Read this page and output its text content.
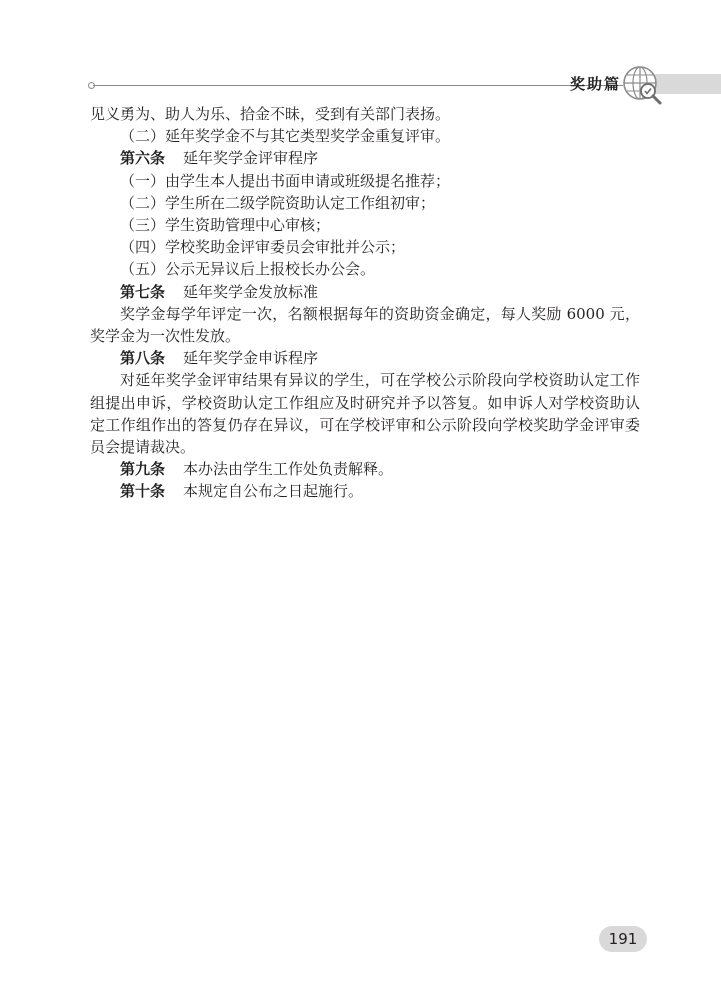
奖助篇

见义勇为、助人为乐、拾金不昧，受到有关部门表扬。

（二）延年奖学金不与其它类型奖学金重复评审。

第六条 延年奖学金评审程序

（一）由学生本人提出书面申请或班级提名推荐；

（二）学生所在二级学院资助认定工作组初审；

（三）学生资助管理中心审核；

（四）学校奖助金评审委员会审批并公示；

（五）公示无异议后上报校长办公会。

第七条 延年奖学金发放标准

奖学金每学年评定一次，名额根据每年的资助资金确定，每人奖励 6000 元，奖学金为一次性发放。

第八条 延年奖学金申诉程序

对延年奖学金评审结果有异议的学生，可在学校公示阶段向学校资助认定工作组提出申诉，学校资助认定工作组应及时研究并予以答复。如申诉人对学校资助认定工作组作出的答复仍存在异议，可在学校评审和公示阶段向学校奖助学金评审委员会提请裁决。

第九条 本办法由学生工作处负责解释。

第十条 本规定自公布之日起施行。

191
